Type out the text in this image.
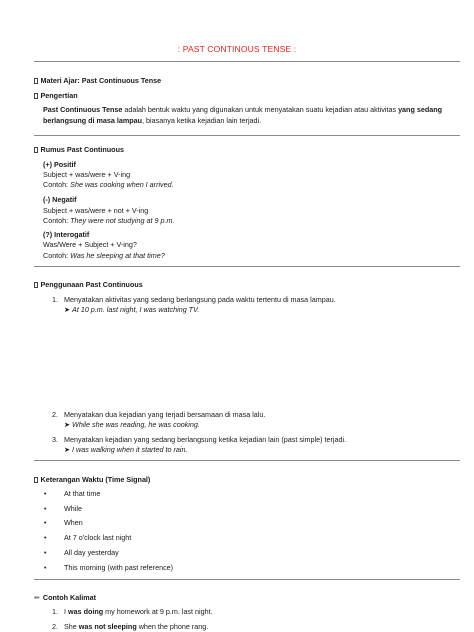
: PAST CONTINOUS TENSE :
Materi Ajar: Past Continuous Tense
Pengertian
Past Continuous Tense adalah bentuk waktu yang digunakan untuk menyatakan suatu kejadian atau aktivitas yang sedang
berlangsung di masa lampau, biasanya ketika kejadian lain terjadi.
Rumus Past Continuous
(+) Positif
Subject + was/were + V-ing
Contoh: She was cooking when I arrived.
(-) Negatif
Subject + was/were + not + V-ing
Contoh: They were not studying at 9 p.m.
(?) Interogatif
Was/Were + Subject + V-ing?
Contoh: Was he sleeping at that time?
Penggunaan Past Continuous
1. Menyatakan aktivitas yang sedang berlangsung pada waktu tertentu di masa lampau.
➤ At 10 p.m. last night, I was watching TV.
2. Menyatakan dua kejadian yang terjadi bersamaan di masa lalu.
➤ While she was reading, he was cooking.
3. Menyatakan kejadian yang sedang berlangsung ketika kejadian lain (past simple) terjadi.
➤ I was walking when it started to rain.
Keterangan Waktu (Time Signal)
• At that time
• While
• When
• At 7 o'clock last night
• All day yesterday
• This morning (with past reference)
✏ Contoh Kalimat
1. I was doing my homework at 9 p.m. last night.
2. She was not sleeping when the phone rang.
